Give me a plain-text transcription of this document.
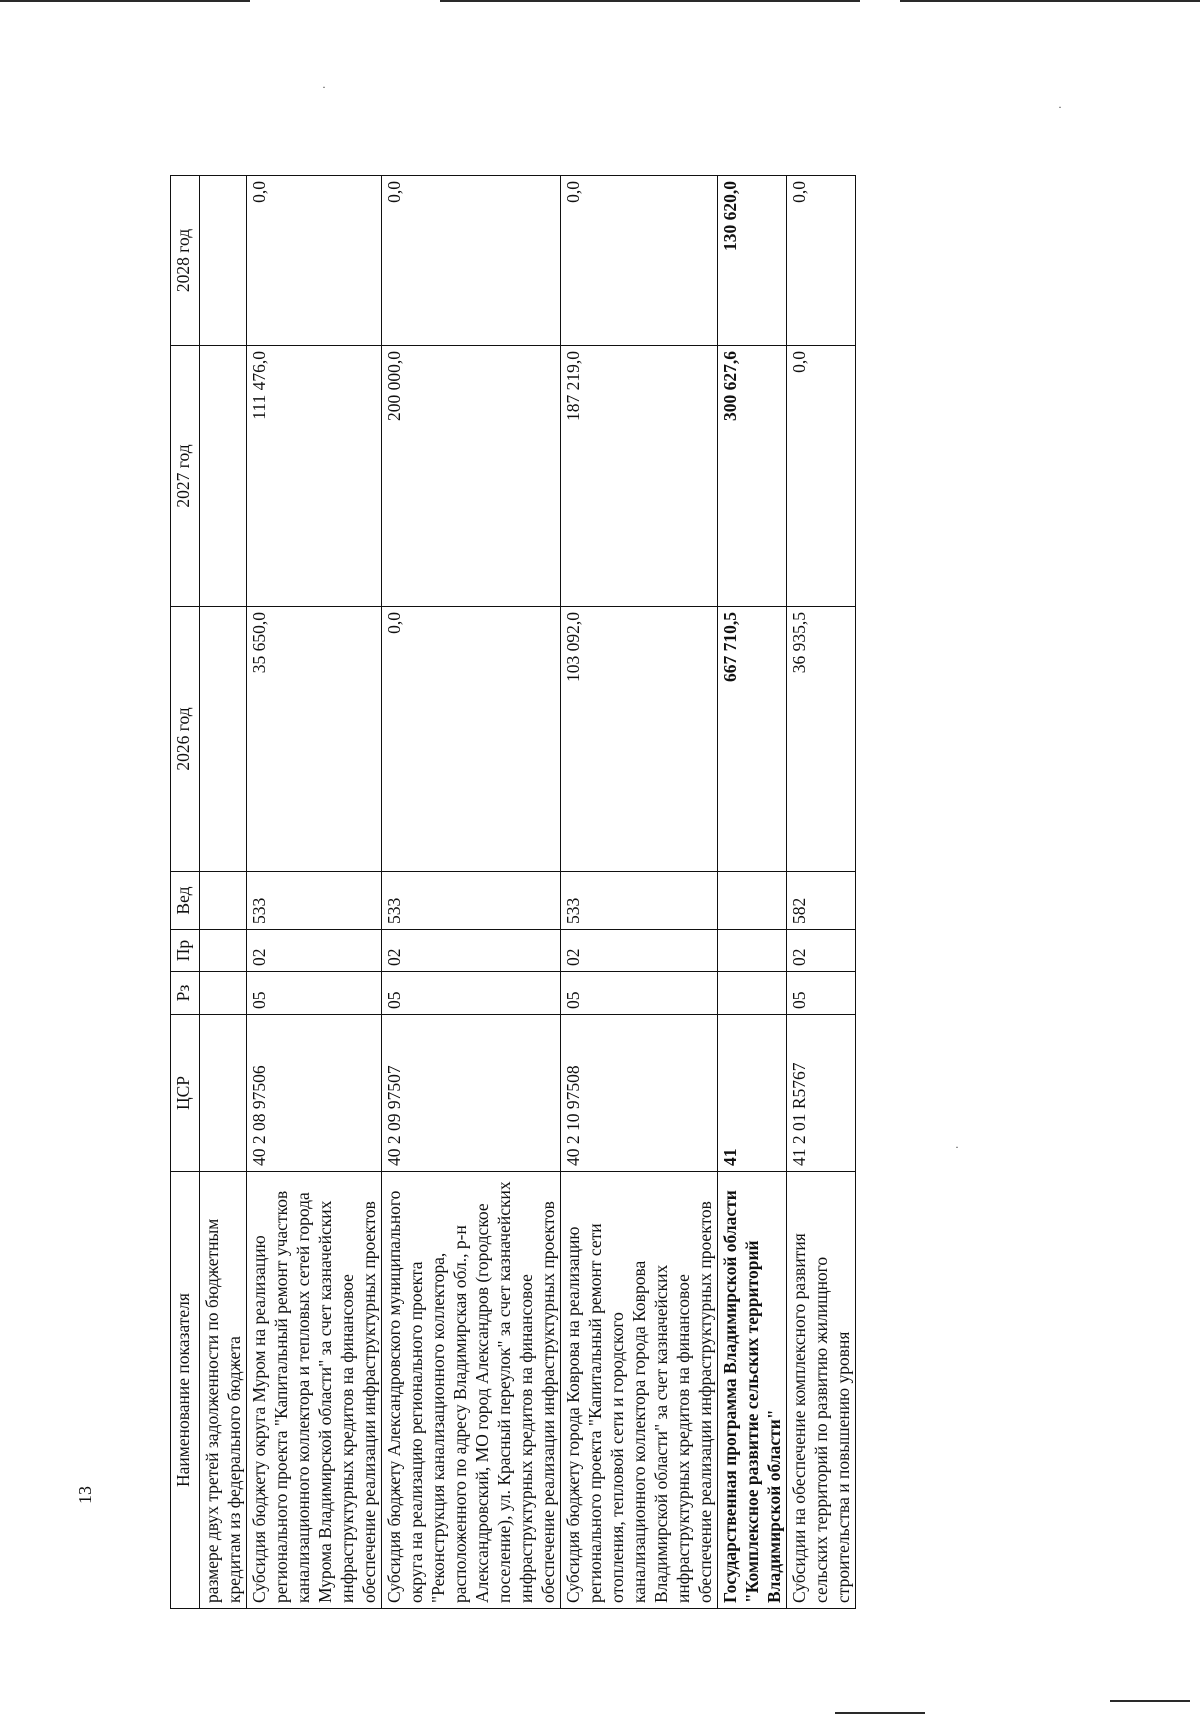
·
·
·
13
Наименование показателя	ЦСР	Рз	Пр	Вед	2026 год	2027 год	2028 год
размере двух третей задолженности по бюджетным кредитам из федерального бюджета							
Субсидия бюджету округа Муром на реализацию регионального проекта "Капитальный ремонт участков канализационного коллектора и тепловых сетей города Мурома Владимирской области" за счет казначейских инфраструктурных кредитов на финансовое обеспечение реализации инфраструктурных проектов	40 2 08 97506	05	02	533	35 650,0	111 476,0	0,0
Субсидия бюджету Александровского муниципального округа на реализацию регионального проекта "Реконструкция канализационного коллектора, расположенного по адресу Владимирская обл., р-н Александровский, МО город Александров (городское поселение), ул. Красный переулок" за счет казначейских инфраструктурных кредитов на финансовое обеспечение реализации инфраструктурных проектов	40 2 09 97507	05	02	533	0,0	200 000,0	0,0
Субсидия бюджету города Коврова на реализацию регионального проекта "Капитальный ремонт сети отопления, тепловой сети и городского канализационного коллектора города Коврова Владимирской области" за счет казначейских инфраструктурных кредитов на финансовое обеспечение реализации инфраструктурных проектов	40 2 10 97508	05	02	533	103 092,0	187 219,0	0,0
Государственная программа Владимирской области "Комплексное развитие сельских территорий Владимирской области"	41				667 710,5	300 627,6	130 620,0
Субсидии на обеспечение комплексного развития сельских территорий по развитию жилищного строительства и повышению уровня	41 2 01 R5767	05	02	582	36 935,5	0,0	0,0
